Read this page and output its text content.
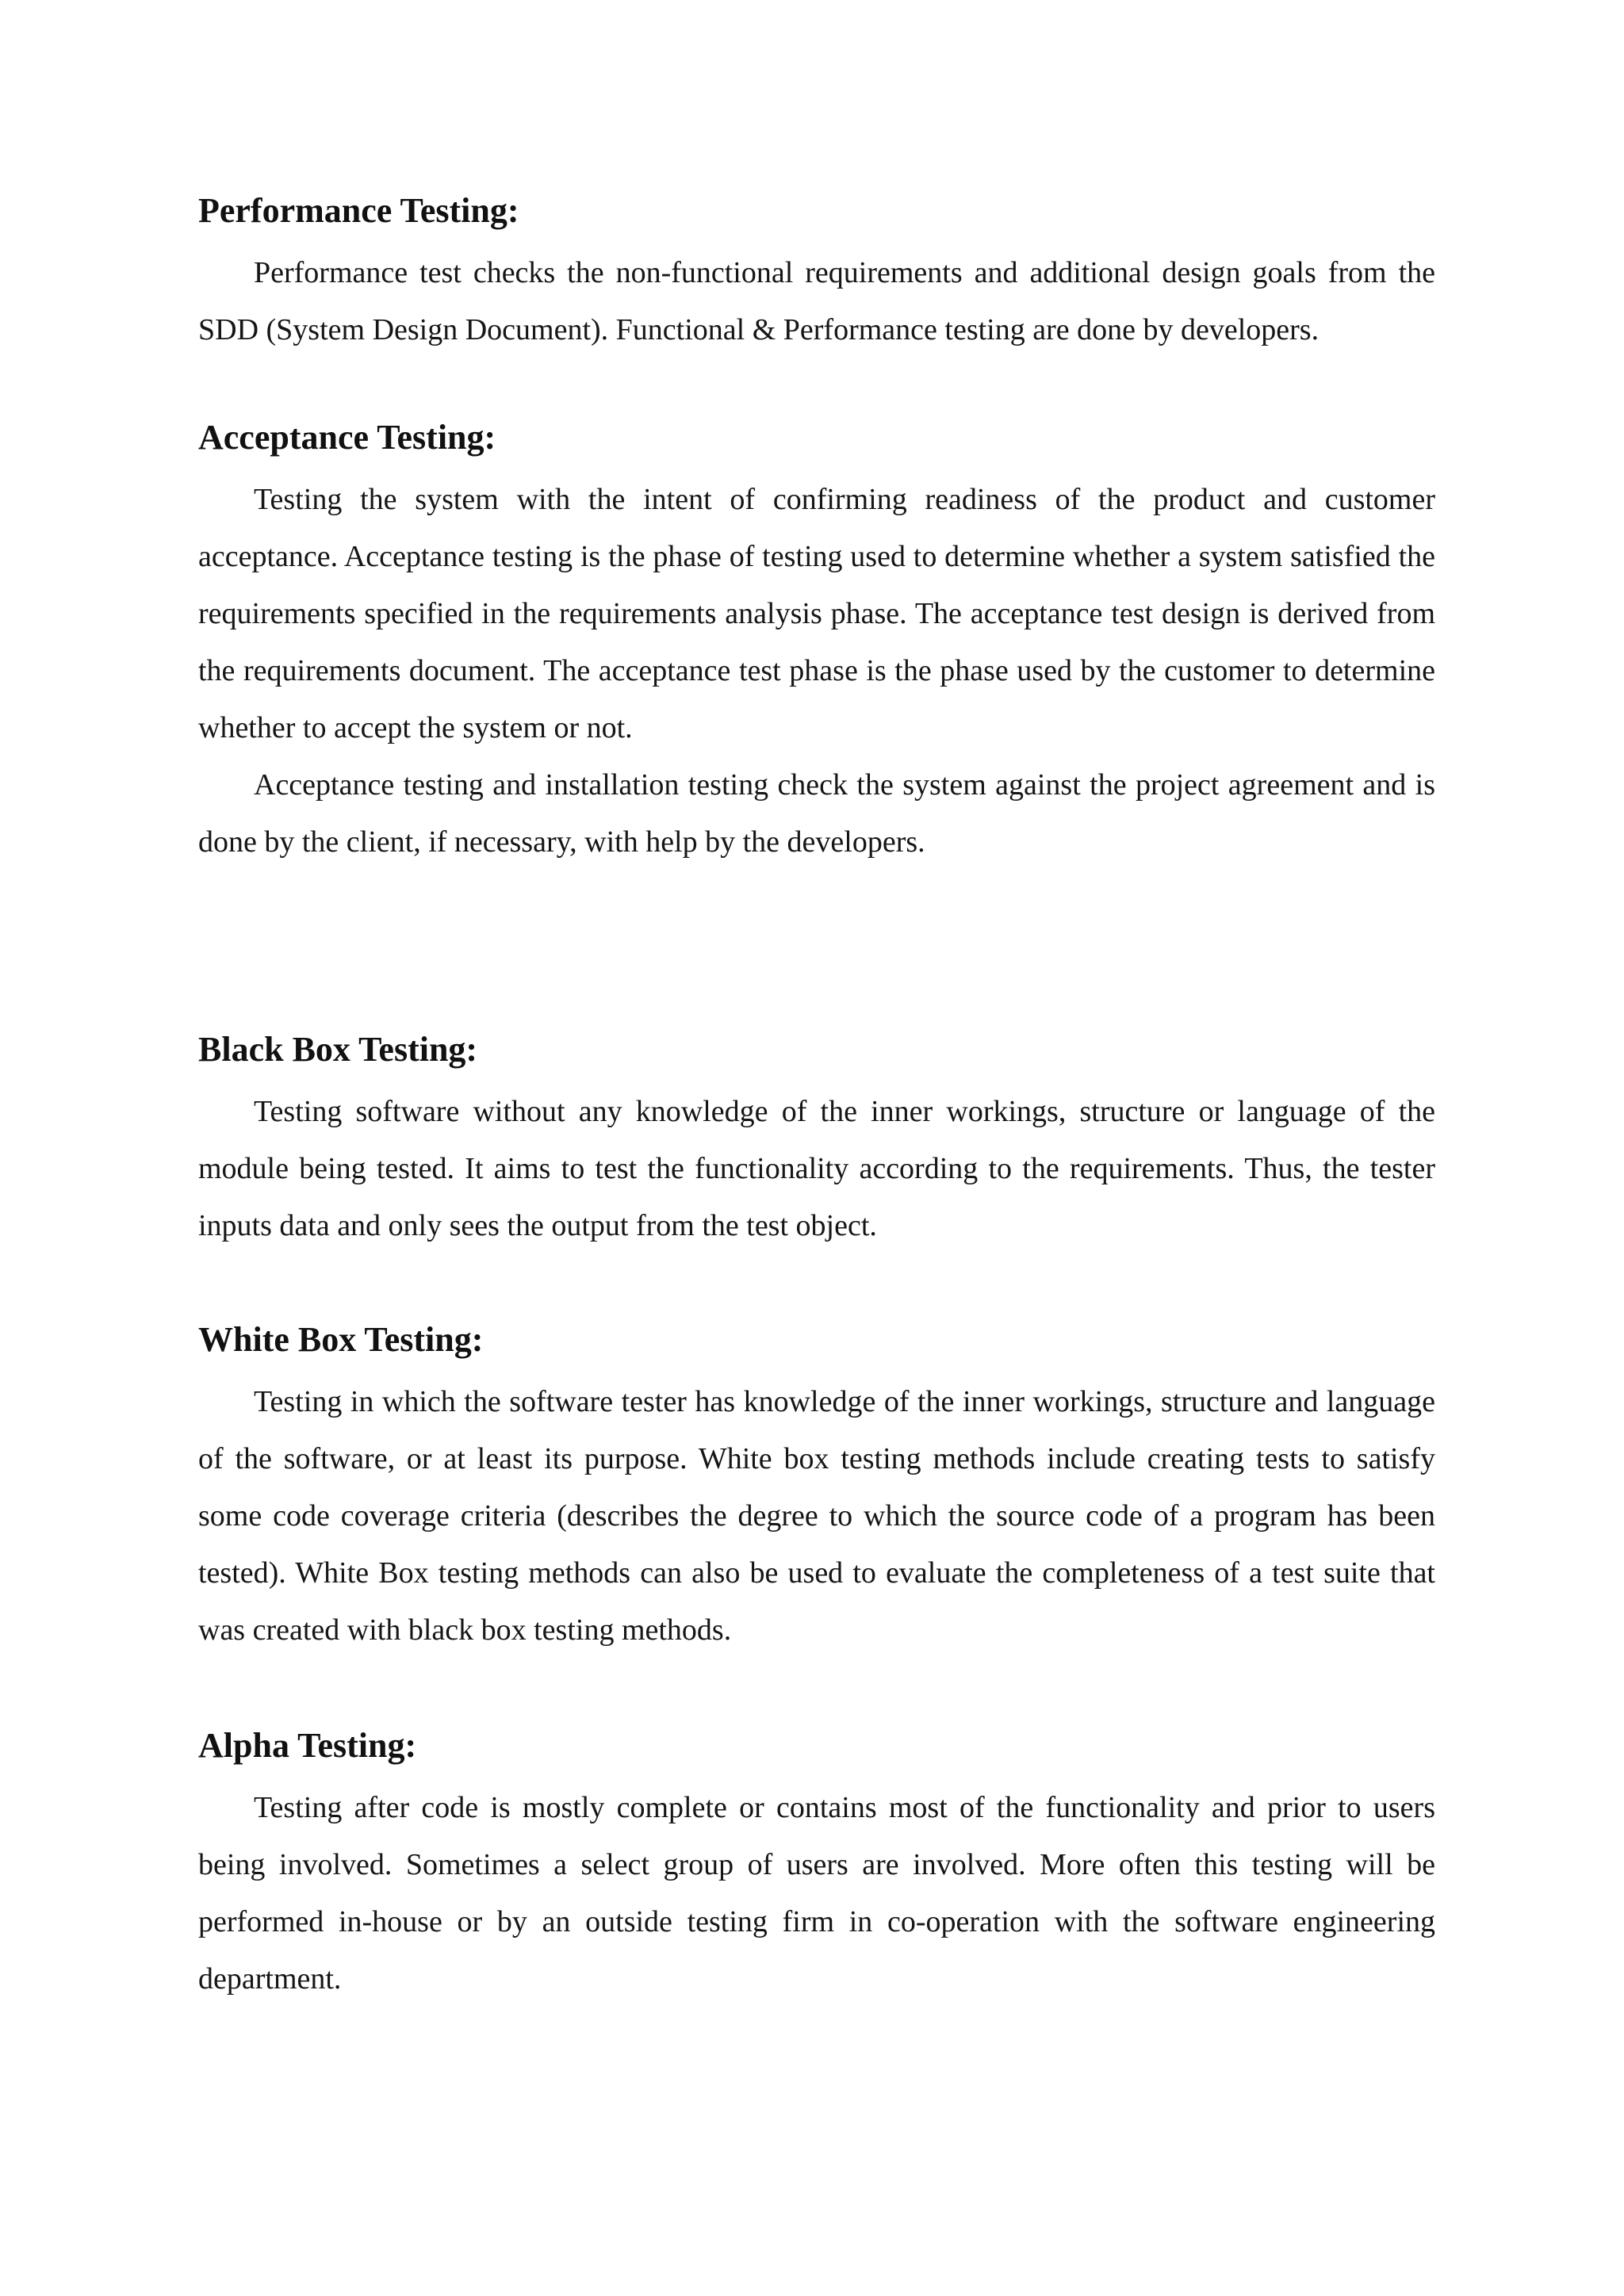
Performance Testing:

Performance test checks the non-functional requirements and additional design goals from the SDD (System Design Document). Functional & Performance testing are done by developers.

Acceptance Testing:

Testing the system with the intent of confirming readiness of the product and customer acceptance. Acceptance testing is the phase of testing used to determine whether a system satisfied the requirements specified in the requirements analysis phase. The acceptance test design is derived from the requirements document. The acceptance test phase is the phase used by the customer to determine whether to accept the system or not.

Acceptance testing and installation testing check the system against the project agreement and is done by the client, if necessary, with help by the developers.

Black Box Testing:

Testing software without any knowledge of the inner workings, structure or language of the module being tested. It aims to test the functionality according to the requirements. Thus, the tester inputs data and only sees the output from the test object.

White Box Testing:

Testing in which the software tester has knowledge of the inner workings, structure and language of the software, or at least its purpose. White box testing methods include creating tests to satisfy some code coverage criteria (describes the degree to which the source code of a program has been tested). White Box testing methods can also be used to evaluate the completeness of a test suite that was created with black box testing methods.

Alpha Testing:

Testing after code is mostly complete or contains most of the functionality and prior to users being involved. Sometimes a select group of users are involved. More often this testing will be performed in-house or by an outside testing firm in co-operation with the software engineering department.
